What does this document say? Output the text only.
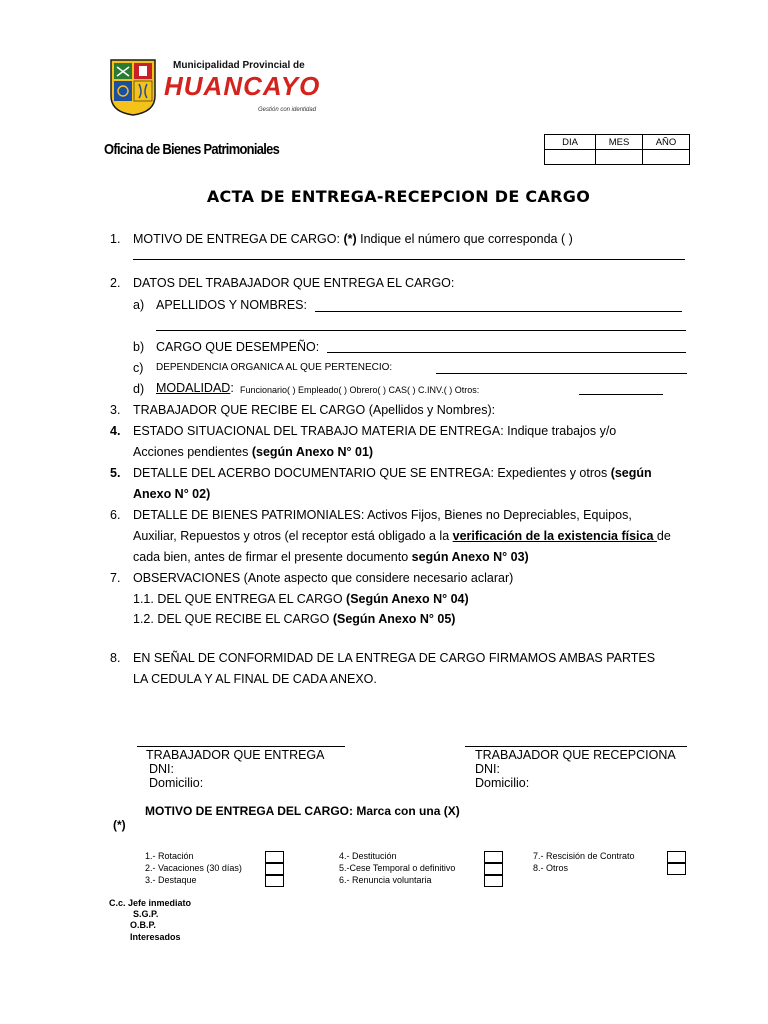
Municipalidad Provincial de
HUANCAYO
Gestión con identidad
Oficina de Bienes Patrimoniales	DIA	MES	AÑO

ACTA DE ENTREGA-RECEPCION DE CARGO
1. MOTIVO DE ENTREGA DE CARGO: (*) Indique el número que corresponda ( )
2. DATOS DEL TRABAJADOR QUE ENTREGA EL CARGO:
a) APELLIDOS Y NOMBRES:
b) CARGO QUE DESEMPEÑO:
c) DEPENDENCIA ORGANICA AL QUE PERTENECIO:
d) MODALIDAD: Funcionario( ) Empleado( ) Obrero( ) CAS( ) C.INV.( ) Otros:
3. TRABAJADOR QUE RECIBE EL CARGO (Apellidos y Nombres):
4. ESTADO SITUACIONAL DEL TRABAJO MATERIA DE ENTREGA: Indique trabajos y/o
Acciones pendientes (según Anexo N° 01)
5. DETALLE DEL ACERBO DOCUMENTARIO QUE SE ENTREGA: Expedientes y otros (según
Anexo N° 02)
6. DETALLE DE BIENES PATRIMONIALES: Activos Fijos, Bienes no Depreciables, Equipos,
Auxiliar, Repuestos y otros (el receptor está obligado a la verificación de la existencia física de
cada bien, antes de firmar el presente documento según Anexo N° 03)
7. OBSERVACIONES (Anote aspecto que considere necesario aclarar)
1.1. DEL QUE ENTREGA EL CARGO (Según Anexo N° 04)
1.2. DEL QUE RECIBE EL CARGO (Según Anexo N° 05)
8. EN SEÑAL DE CONFORMIDAD DE LA ENTREGA DE CARGO FIRMAMOS AMBAS PARTES
LA CEDULA Y AL FINAL DE CADA ANEXO.
TRABAJADOR QUE ENTREGA
DNI:
Domicilio:
TRABAJADOR QUE RECEPCIONA
DNI:
Domicilio:
MOTIVO DE ENTREGA DEL CARGO: Marca con una (X)
(*)
1.- Rotación
2.- Vacaciones (30 días)
3.- Destaque
4.- Destitución
5.-Cese Temporal o definitivo
6.- Renuncia voluntaria
7.- Rescisión de Contrato
8.- Otros
C.c. Jefe inmediato
S.G.P.
O.B.P.
Interesados
